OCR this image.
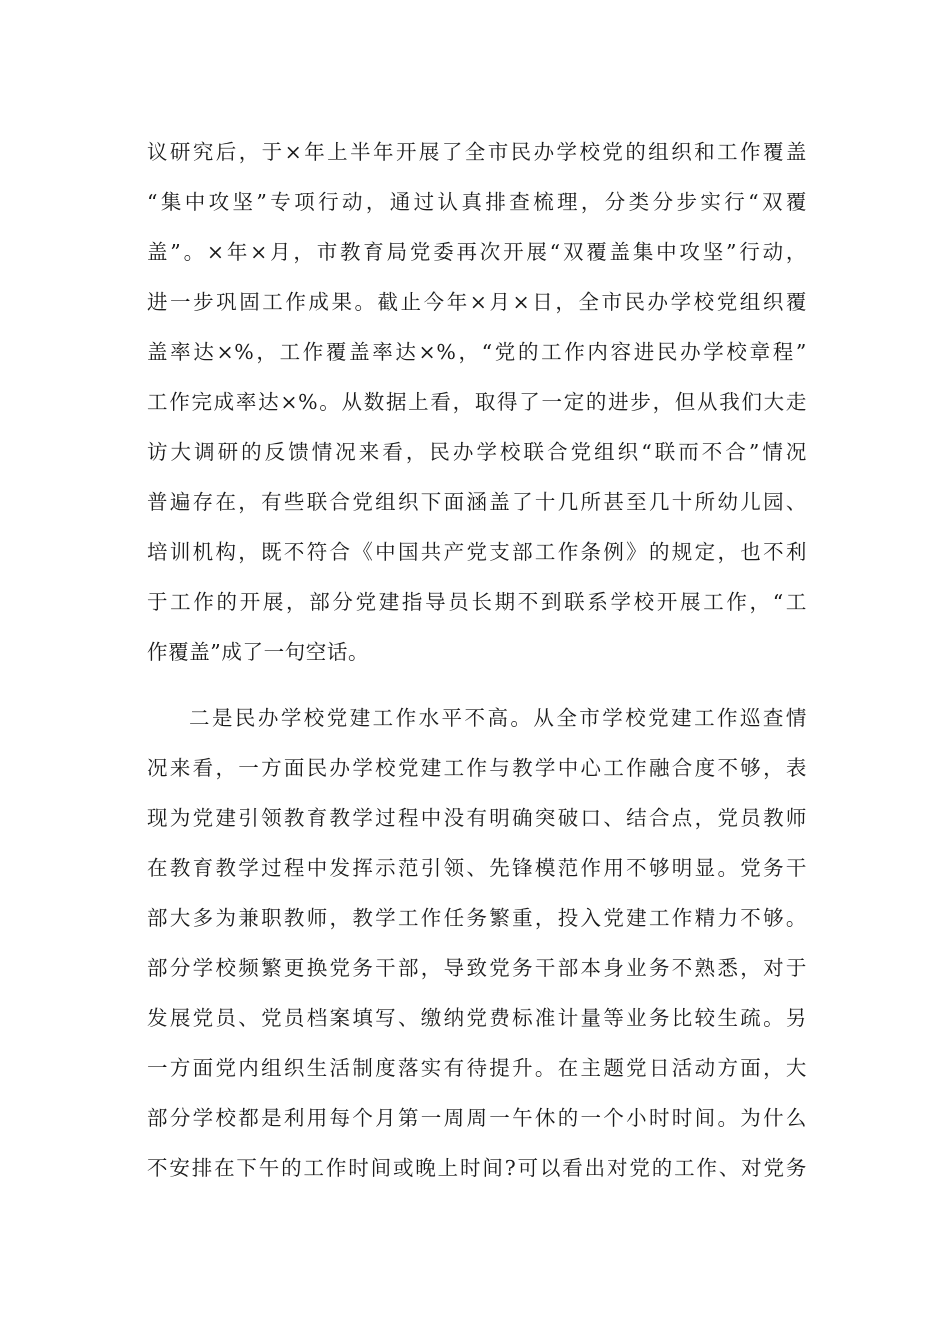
议研究后，于×年上半年开展了全市民办学校党的组织和工作覆盖
“集中攻坚”专项行动，通过认真排查梳理，分类分步实行“双覆
盖”。×年×月，市教育局党委再次开展“双覆盖集中攻坚”行动，
进一步巩固工作成果。截止今年×月×日，全市民办学校党组织覆
盖率达×%，工作覆盖率达×%，“党的工作内容进民办学校章程”
工作完成率达×%。从数据上看，取得了一定的进步，但从我们大走
访大调研的反馈情况来看，民办学校联合党组织“联而不合”情况
普遍存在，有些联合党组织下面涵盖了十几所甚至几十所幼儿园、
培训机构，既不符合《中国共产党支部工作条例》的规定，也不利
于工作的开展，部分党建指导员长期不到联系学校开展工作，“工
作覆盖”成了一句空话。
二是民办学校党建工作水平不高。从全市学校党建工作巡查情
况来看，一方面民办学校党建工作与教学中心工作融合度不够，表
现为党建引领教育教学过程中没有明确突破口、结合点，党员教师
在教育教学过程中发挥示范引领、先锋模范作用不够明显。党务干
部大多为兼职教师，教学工作任务繁重，投入党建工作精力不够。
部分学校频繁更换党务干部，导致党务干部本身业务不熟悉，对于
发展党员、党员档案填写、缴纳党费标准计量等业务比较生疏。另
一方面党内组织生活制度落实有待提升。在主题党日活动方面，大
部分学校都是利用每个月第一周周一午休的一个小时时间。为什么
不安排在下午的工作时间或晚上时间?可以看出对党的工作、对党务
